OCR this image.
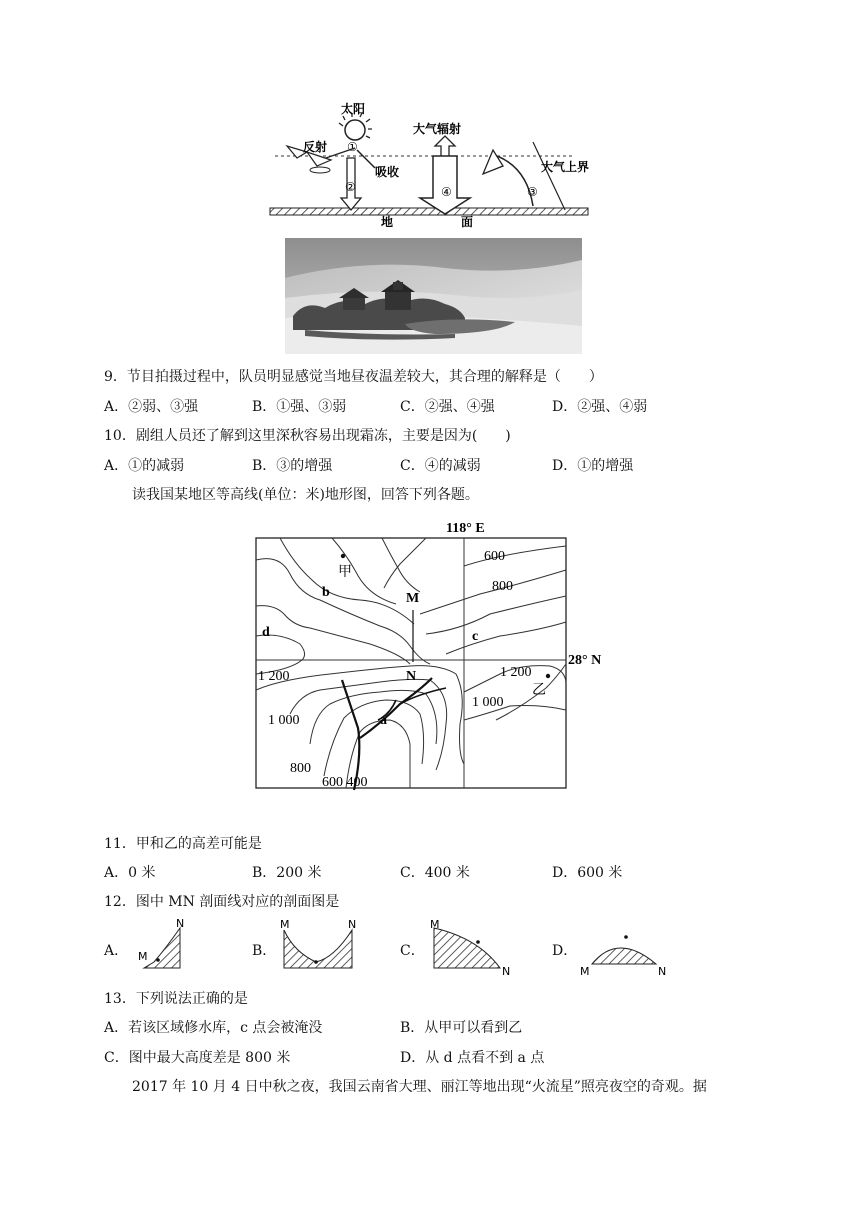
太阳
①
反射
吸收
②
大气辐射
④	③
大气上界
地	面
9．节目拍摄过程中，队员明显感觉当地昼夜温差较大，其合理的解释是（　　）
A．②弱、③强	B．①强、③弱	C．②强、④强	D．②强、④弱
10．剧组人员还了解到这里深秋容易出现霜冻，主要是因为(　　)
A．①的减弱	B．③的增强	C．④的减弱	D．①的增强
读我国某地区等高线(单位：米)地形图，回答下列各题。
118° E
28° N
甲
乙
M
N
a
b
c
d
600
800
1 200
1 000
800
600 400
1 200
1 000
11．甲和乙的高差可能是
A．0 米	B．200 米	C．400 米	D．600 米
12．图中 MN 剖面线对应的剖面图是
A．	B．	C．	D．
M
N	M	N	M
N	M	N
13．下列说法正确的是
A．若该区域修水库，c 点会被淹没	B．从甲可以看到乙
C．图中最大高度差是 800 米	D．从 d 点看不到 a 点
2017 年 10 月 4 日中秋之夜，我国云南省大理、丽江等地出现“火流星”照亮夜空的奇观。据
